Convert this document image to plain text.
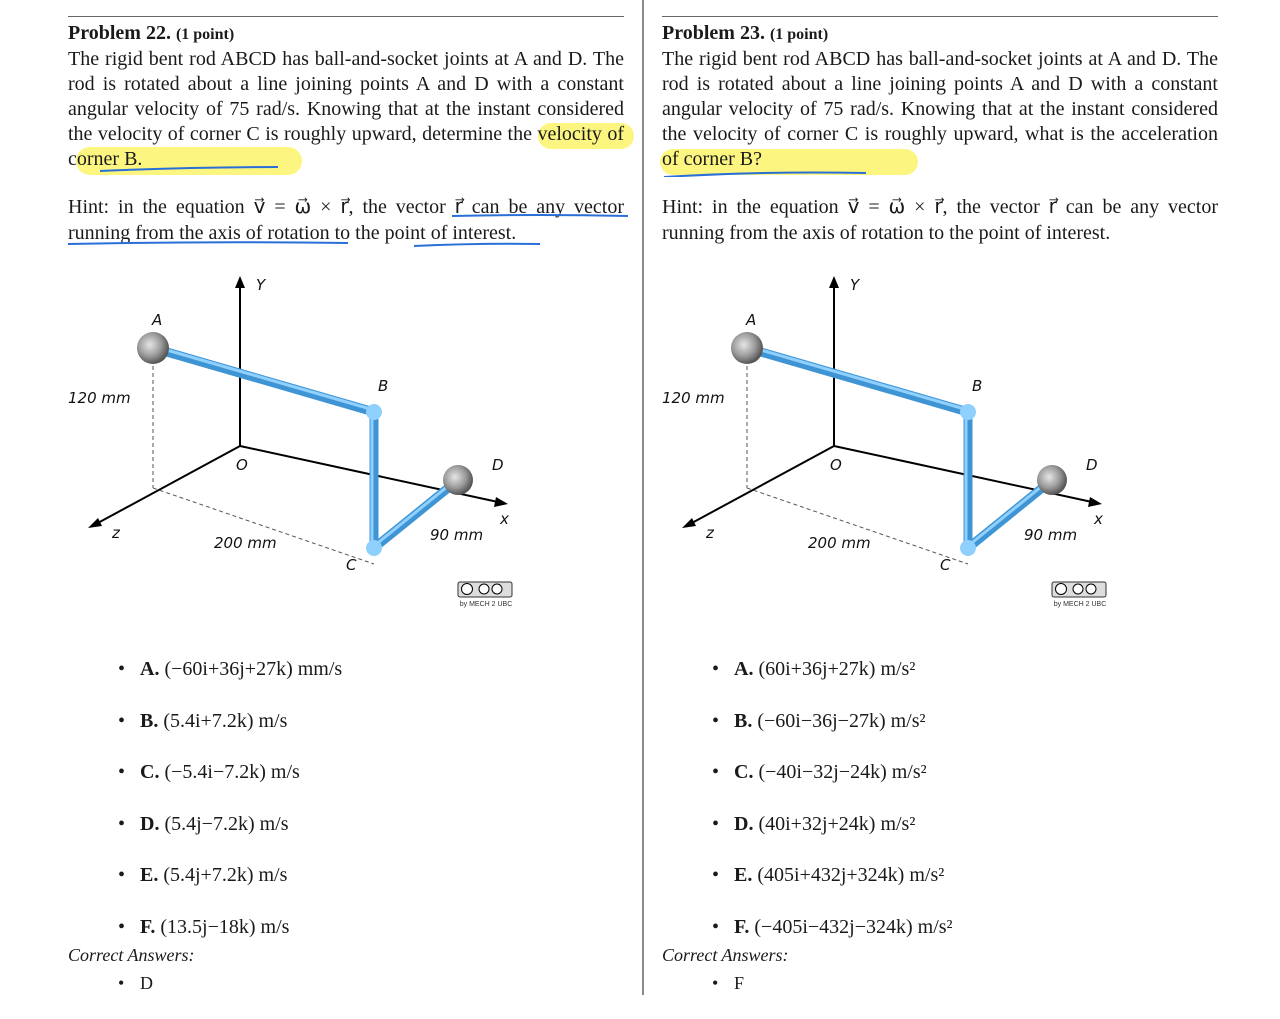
Problem 22. (1 point)
The rigid bent rod ABCD has ball-and-socket joints at A and D. The rod is rotated about a line joining points A and D with a constant angular velocity of 75 rad/s. Knowing that at the instant considered the velocity of corner C is roughly upward, determine the velocity of corner B.
Hint: in the equation v⃗ = ω⃗ × r⃗, the vector r⃗ can be any vector running from the axis of rotation to the point of interest.
A
B
C
D
O
x
Y
z
120 mm
200 mm	90 mm
by MECH 2 UBC
• A. (−60i+36j+27k) mm/s
• B. (5.4i+7.2k) m/s
• C. (−5.4i−7.2k) m/s
• D. (5.4j−7.2k) m/s
• E. (5.4j+7.2k) m/s
• F. (13.5j−18k) m/s
Correct Answers:
• D
Problem 23. (1 point)
The rigid bent rod ABCD has ball-and-socket joints at A and D. The rod is rotated about a line joining points A and D with a constant angular velocity of 75 rad/s. Knowing that at the instant considered the velocity of corner C is roughly upward, what is the acceleration of corner B?
Hint: in the equation v⃗ = ω⃗ × r⃗, the vector r⃗ can be any vector running from the axis of rotation to the point of interest.
A
B
C
D
O
x
Y
z
120 mm
200 mm	90 mm
by MECH 2 UBC
• A. (60i+36j+27k) m/s²
• B. (−60i−36j−27k) m/s²
• C. (−40i−32j−24k) m/s²
• D. (40i+32j+24k) m/s²
• E. (405i+432j+324k) m/s²
• F. (−405i−432j−324k) m/s²
Correct Answers:
• F
